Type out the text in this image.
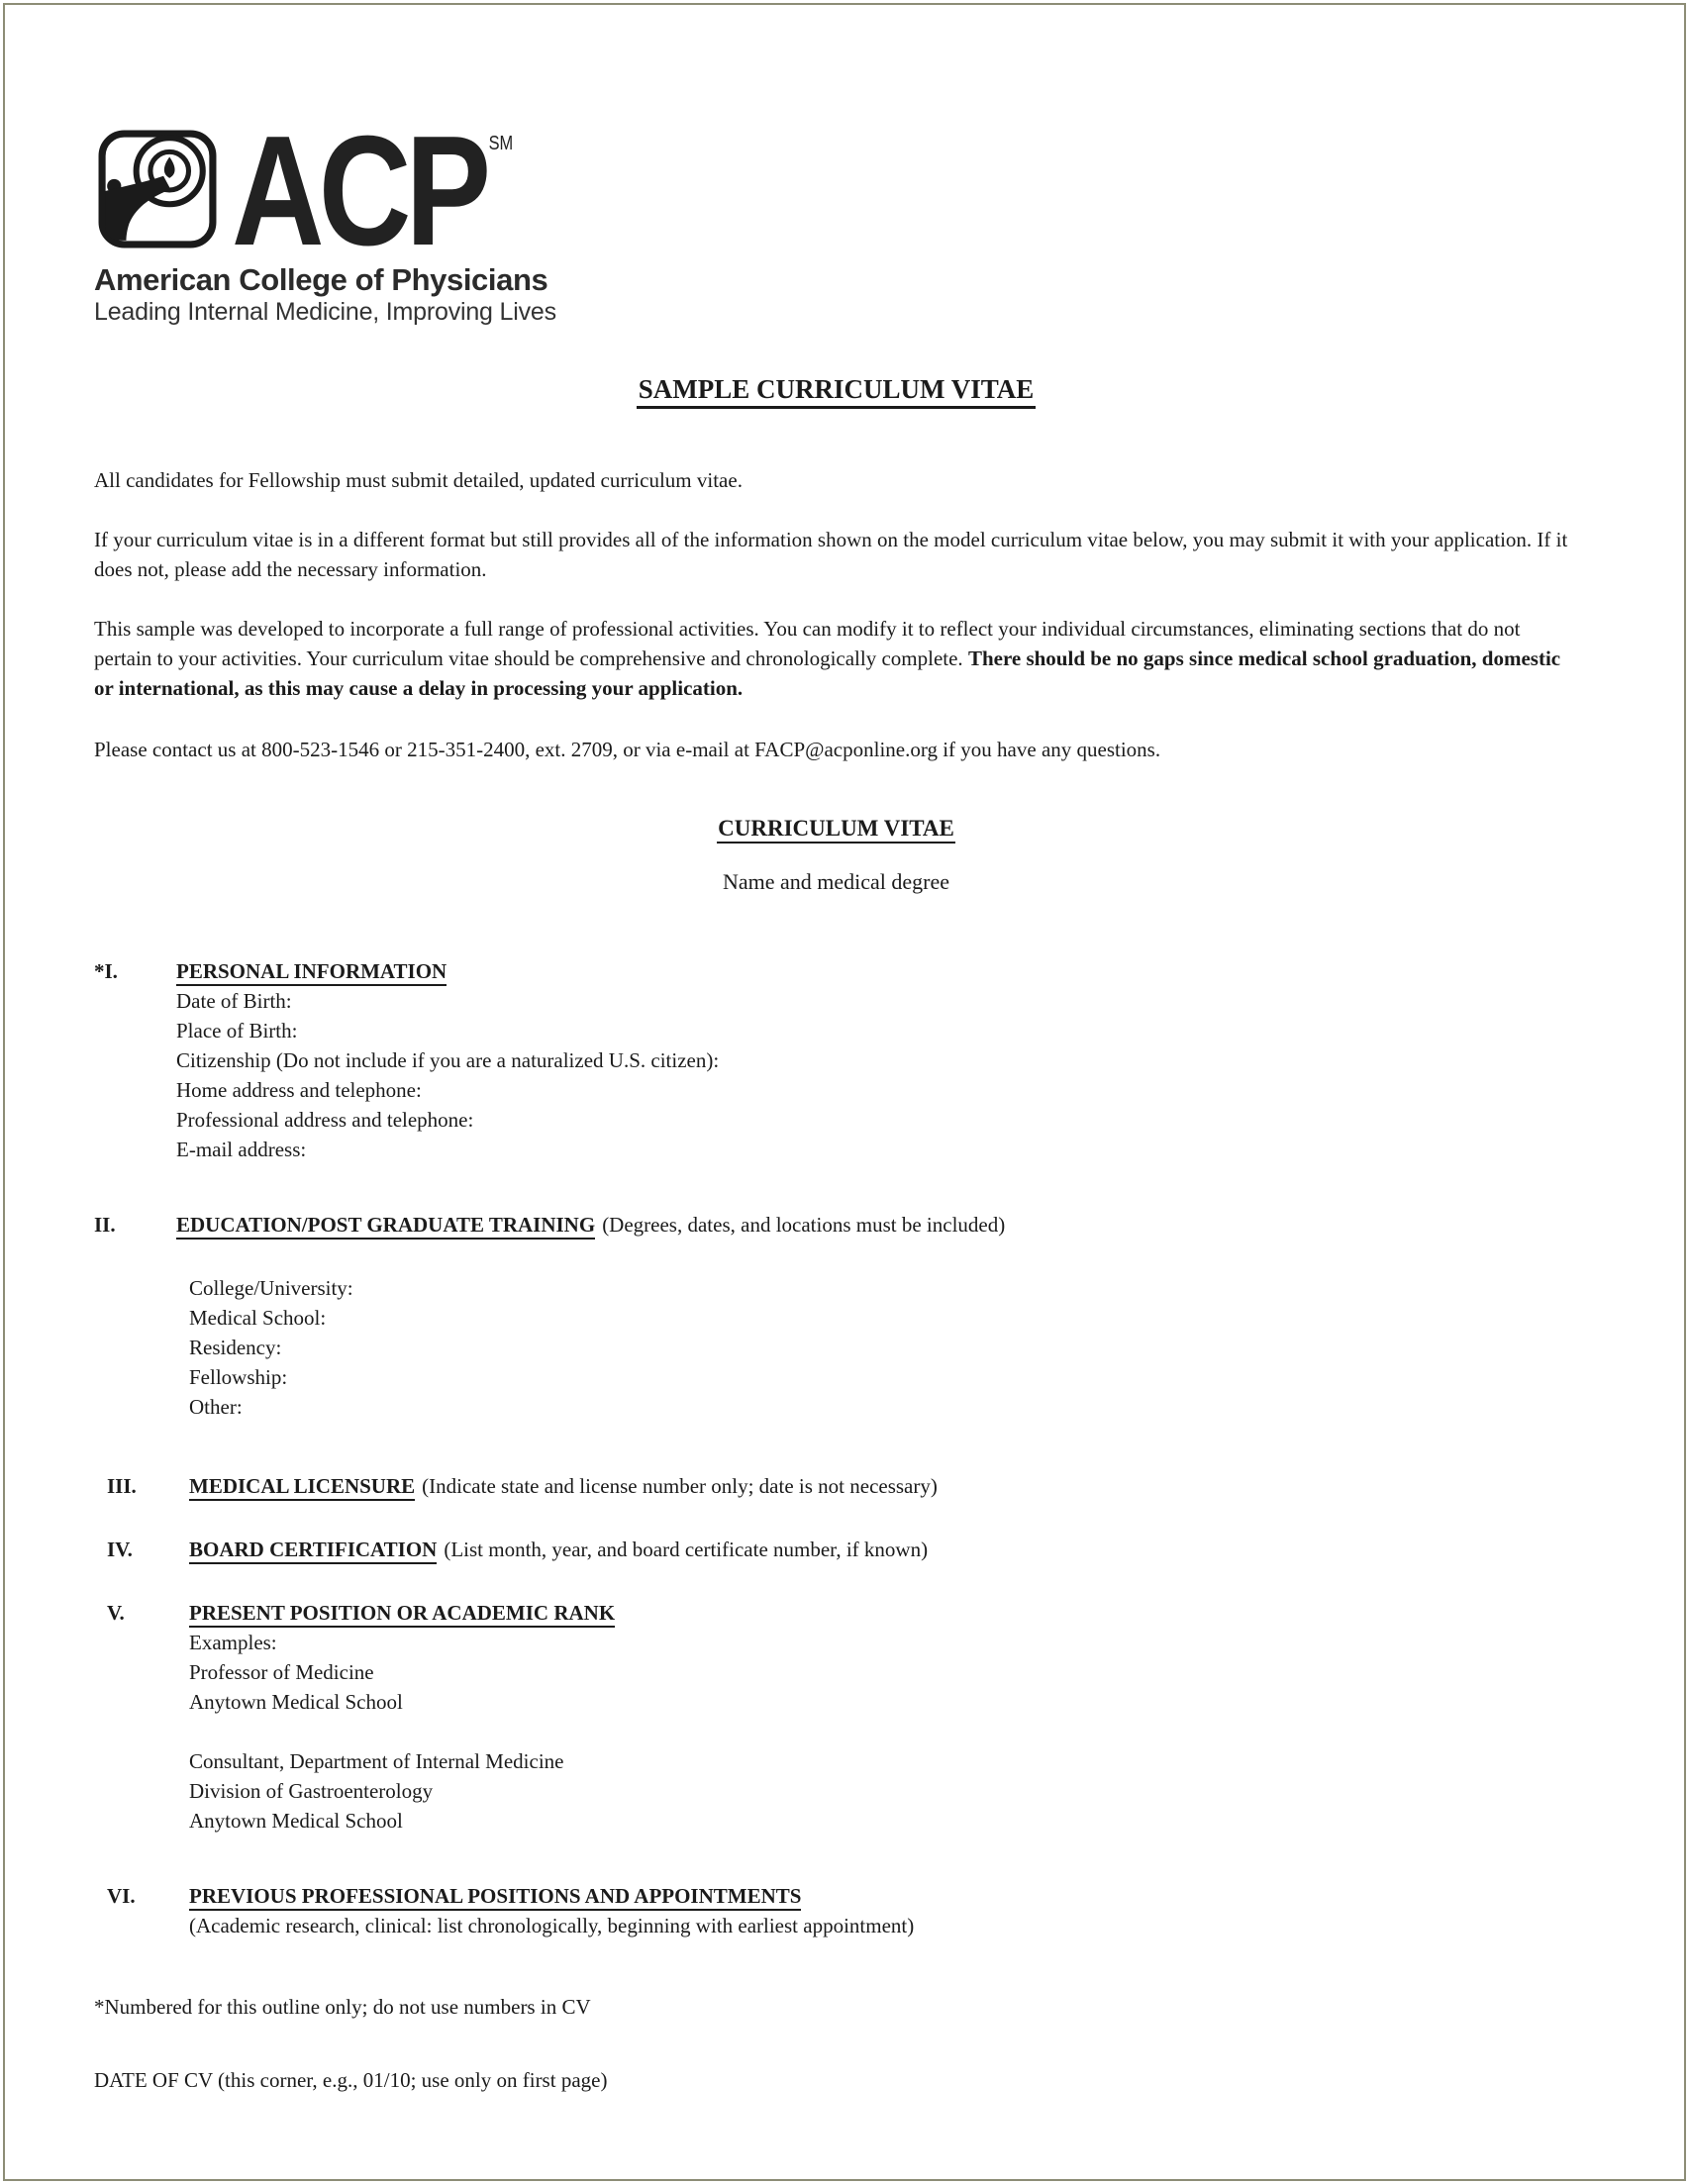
ACP SM
American College of Physicians
Leading Internal Medicine, Improving Lives
SAMPLE CURRICULUM VITAE

All candidates for Fellowship must submit detailed, updated curriculum vitae.

If your curriculum vitae is in a different format but still provides all of the information shown on the model curriculum vitae below, you may submit it with your application. If it does not, please add the necessary information.

This sample was developed to incorporate a full range of professional activities. You can modify it to reflect your individual circumstances, eliminating sections that do not pertain to your activities. Your curriculum vitae should be comprehensive and chronologically complete. There should be no gaps since medical school graduation, domestic or international, as this may cause a delay in processing your application.

Please contact us at 800-523-1546 or 215-351-2400, ext. 2709, or via e-mail at FACP@acponline.org if you have any questions.

CURRICULUM VITAE
Name and medical degree
*I.	PERSONAL INFORMATION
Date of Birth:
Place of Birth:
Citizenship (Do not include if you are a naturalized U.S. citizen):
Home address and telephone:
Professional address and telephone:
E-mail address:
II.	EDUCATION/POST GRADUATE TRAINING (Degrees, dates, and locations must be included)
College/University:
Medical School:
Residency:
Fellowship:
Other:
III.	MEDICAL LICENSURE (Indicate state and license number only; date is not necessary)
IV.	BOARD CERTIFICATION (List month, year, and board certificate number, if known)
V.	PRESENT POSITION OR ACADEMIC RANK
Examples:
Professor of Medicine
Anytown Medical School
Consultant, Department of Internal Medicine
Division of Gastroenterology
Anytown Medical School
VI.	PREVIOUS PROFESSIONAL POSITIONS AND APPOINTMENTS
(Academic research, clinical: list chronologically, beginning with earliest appointment)
*Numbered for this outline only; do not use numbers in CV
DATE OF CV (this corner, e.g., 01/10; use only on first page)
